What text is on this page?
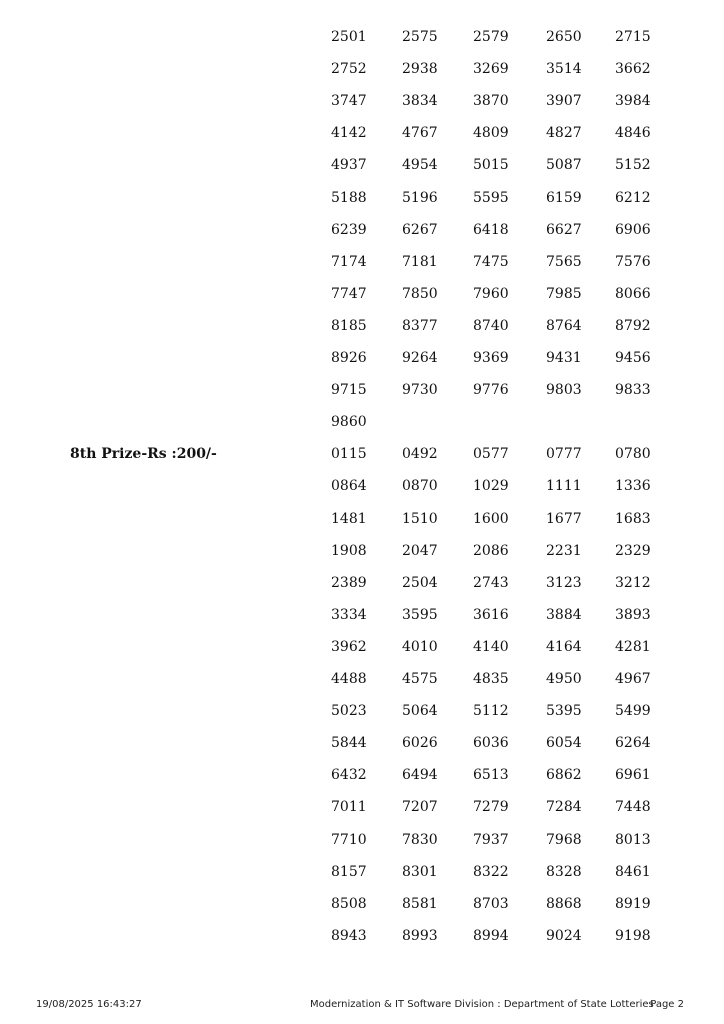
2501	2575	2579	2650 2715
2752	2938	3269	3514 3662
3747	3834	3870	3907 3984
4142	4767	4809	4827 4846
4937	4954	5015	5087 5152
5188	5196	5595	6159 6212
6239	6267	6418	6627 6906
7174	7181	7475	7565 7576
7747	7850	7960	7985 8066
8185	8377	8740	8764 8792
8926	9264	9369	9431 9456
9715	9730	9776	9803 9833
9860
8th Prize-Rs :200/-	0115	0492	0577	0777 0780
0864	0870	1029	1111 1336
1481	1510	1600	1677 1683
1908	2047	2086	2231 2329
2389	2504	2743	3123 3212
3334	3595	3616	3884 3893
3962	4010	4140	4164 4281
4488	4575	4835	4950 4967
5023	5064	5112	5395 5499
5844	6026	6036	6054 6264
6432	6494	6513	6862 6961
7011	7207	7279	7284 7448
7710	7830	7937	7968 8013
8157	8301	8322	8328 8461
8508	8581	8703	8868 8919
8943	8993	8994	9024 9198
19/08/2025 16:43:27	Modernization & IT Software Division : Department of State Lotteries
Page 2
